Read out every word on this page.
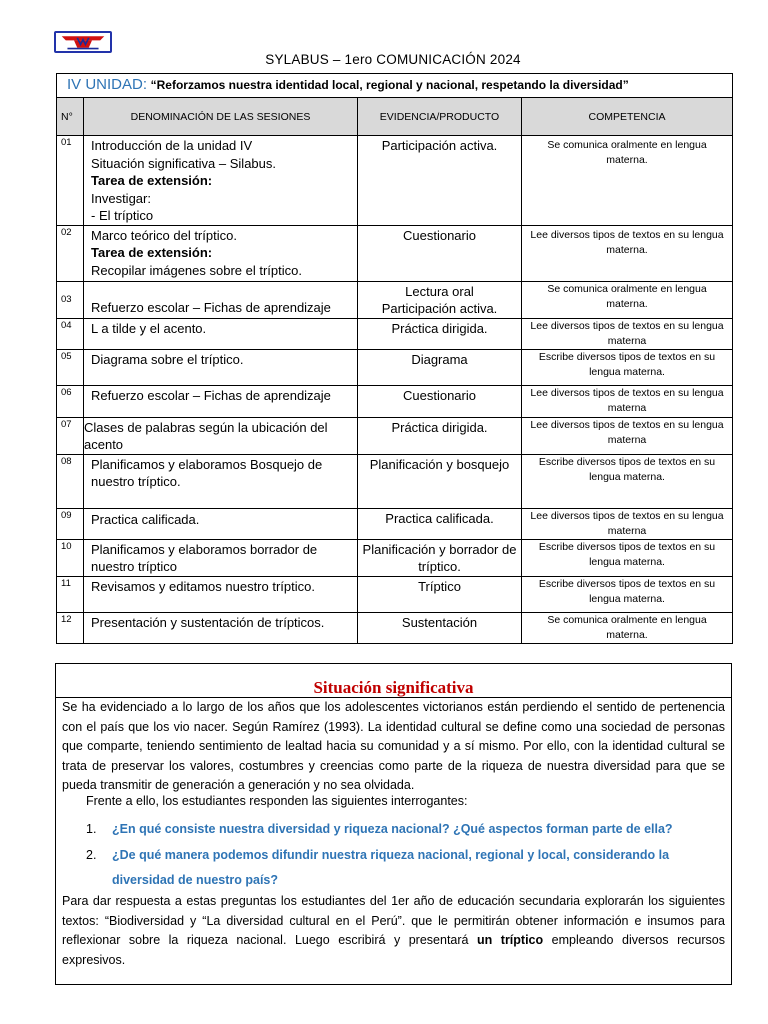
SYLABUS – 1ero COMUNICACIÓN 2024
IV UNIDAD: “Reforzamos nuestra identidad local, regional y nacional, respetando la diversidad”			
N°	DENOMINACIÓN DE LAS SESIONES	EVIDENCIA/PRODUCTO	COMPETENCIA
01	Introducción de la unidad IV
Situación significativa – Silabus.
Tarea de extensión:
Investigar:
- El tríptico	Participación activa.	Se comunica oralmente en lengua materna.
02	Marco teórico del tríptico.
Tarea de extensión:
Recopilar imágenes sobre el tríptico.	Cuestionario	Lee diversos tipos de textos en su lengua materna.
03	Refuerzo escolar – Fichas de aprendizaje	Lectura oral
Participación activa.	Se comunica oralmente en lengua materna.
04	L a tilde y el acento.	Práctica dirigida.	Lee diversos tipos de textos en su lengua materna
05	Diagrama sobre el tríptico.	Diagrama	Escribe diversos tipos de textos en su lengua materna.
06	Refuerzo escolar – Fichas de aprendizaje	Cuestionario	Lee diversos tipos de textos en su lengua materna
07	Clases de palabras según la ubicación del acento	Práctica dirigida.	Lee diversos tipos de textos en su lengua materna
08	Planificamos y elaboramos Bosquejo de nuestro tríptico.	Planificación y bosquejo	Escribe diversos tipos de textos en su lengua materna.
09	Practica calificada.	Practica calificada.	Lee diversos tipos de textos en su lengua materna
10	Planificamos y elaboramos borrador de nuestro tríptico	Planificación y borrador de tríptico.	Escribe diversos tipos de textos en su lengua materna.
11	Revisamos y editamos nuestro tríptico.	Tríptico	Escribe diversos tipos de textos en su lengua materna.
12	Presentación y sustentación de trípticos.	Sustentación	Se comunica oralmente en lengua materna.
Situación significativa
Se ha evidenciado a lo largo de los años que los adolescentes victorianos están perdiendo el sentido de pertenencia con el país que los vio nacer. Según Ramírez (1993). La identidad cultural se define como una sociedad de personas que comparte, teniendo sentimiento de lealtad hacia su comunidad y a sí mismo. Por ello, con la identidad cultural se trata de preservar los valores, costumbres y creencias como parte de la riqueza de nuestra diversidad para que se pueda transmitir de generación a generación y no sea olvidada.
Frente a ello, los estudiantes responden las siguientes interrogantes:
1.	¿En qué consiste nuestra diversidad y riqueza nacional? ¿Qué aspectos forman parte de ella?
2.	¿De qué manera podemos difundir nuestra riqueza nacional, regional y local, considerando la diversidad de nuestro país?
Para dar respuesta a estas preguntas los estudiantes del 1er año de educación secundaria explorarán los siguientes textos: “Biodiversidad y “La diversidad cultural en el Perú”. que le permitirán obtener información e insumos para reflexionar sobre la riqueza nacional. Luego escribirá y presentará un tríptico empleando diversos recursos expresivos.
